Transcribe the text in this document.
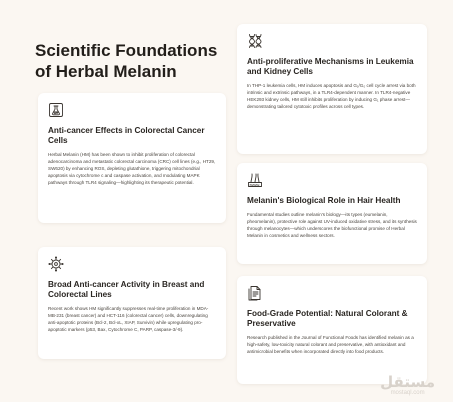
Scientific Foundations of Herbal Melanin
Anti-cancer Effects in Colorectal Cancer Cells

Herbal Melanin (HM) has been shown to inhibit proliferation of colorectal adenocarcinoma and metastatic colorectal carcinoma (CRC) cell lines (e.g., HT29, SW620) by enhancing ROS, depleting glutathione, triggering mitochondrial apoptosis via cytochrome c and caspase activation, and modulating MAPK pathways through TLR4 signaling—highlighting its therapeutic potential.

Broad Anti-cancer Activity in Breast and Colorectal Lines

Recent work shows HM significantly suppresses real-time proliferation in MDA-MB-231 (breast cancer) and HCT-116 (colorectal cancer) cells, downregulating anti-apoptotic proteins (Bcl-2, Bcl-xL, XIAP, Survivin) while upregulating pro-apoptotic markers (p53, Bax, Cytochrome C, PARP, caspase-3/-9).

Anti-proliferative Mechanisms in Leukemia and Kidney Cells

In THP-1 leukemia cells, HM induces apoptosis and G₁/G₀ cell cycle arrest via both intrinsic and extrinsic pathways, in a TLR4-dependent manner. In TLR4-negative HEK293 kidney cells, HM still inhibits proliferation by inducing G₁ phase arrest—demonstrating tailored cytotoxic profiles across cell types.

Melanin's Biological Role in Hair Health

Fundamental studies outline melanin's biology—its types (eumelanin, pheomelanin), protective role against UV-induced oxidative stress, and its synthesis through melanocytes—which underscores the biofunctional promise of Herbal Melanin in cosmetics and wellness sectors.

Food-Grade Potential: Natural Colorant & Preservative

Research published in the Journal of Functional Foods has identified melanin as a high-safety, low-toxicity natural colorant and preservative, with antioxidant and antimicrobial benefits when incorporated directly into food products.

مستقل
mostaql.com
